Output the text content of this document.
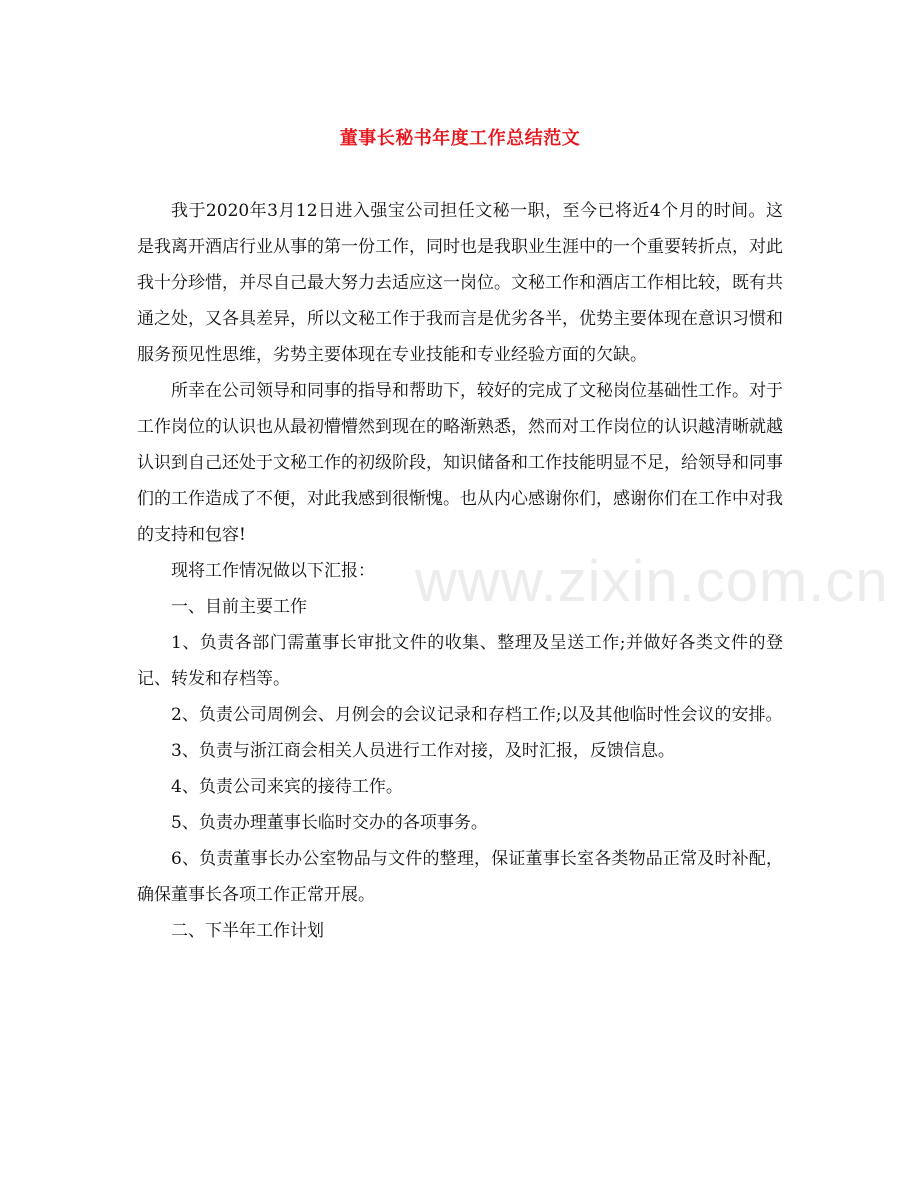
董事长秘书年度工作总结范文

我于2020年3月12日进入强宝公司担任文秘一职，至今已将近4个月的时间。这是我离开酒店行业从事的第一份工作，同时也是我职业生涯中的一个重要转折点，对此我十分珍惜，并尽自己最大努力去适应这一岗位。文秘工作和酒店工作相比较，既有共通之处，又各具差异，所以文秘工作于我而言是优劣各半，优势主要体现在意识习惯和服务预见性思维，劣势主要体现在专业技能和专业经验方面的欠缺。

所幸在公司领导和同事的指导和帮助下，较好的完成了文秘岗位基础性工作。对于工作岗位的认识也从最初懵懵然到现在的略渐熟悉，然而对工作岗位的认识越清晰就越认识到自己还处于文秘工作的初级阶段，知识储备和工作技能明显不足，给领导和同事们的工作造成了不便，对此我感到很惭愧。也从内心感谢你们，感谢你们在工作中对我的支持和包容!

现将工作情况做以下汇报：

一、目前主要工作

1、负责各部门需董事长审批文件的收集、整理及呈送工作;并做好各类文件的登记、转发和存档等。

2、负责公司周例会、月例会的会议记录和存档工作;以及其他临时性会议的安排。

3、负责与浙江商会相关人员进行工作对接，及时汇报，反馈信息。

4、负责公司来宾的接待工作。

5、负责办理董事长临时交办的各项事务。

6、负责董事长办公室物品与文件的整理，保证董事长室各类物品正常及时补配，确保董事长各项工作正常开展。

二、下半年工作计划

www.zixin.com.cn
